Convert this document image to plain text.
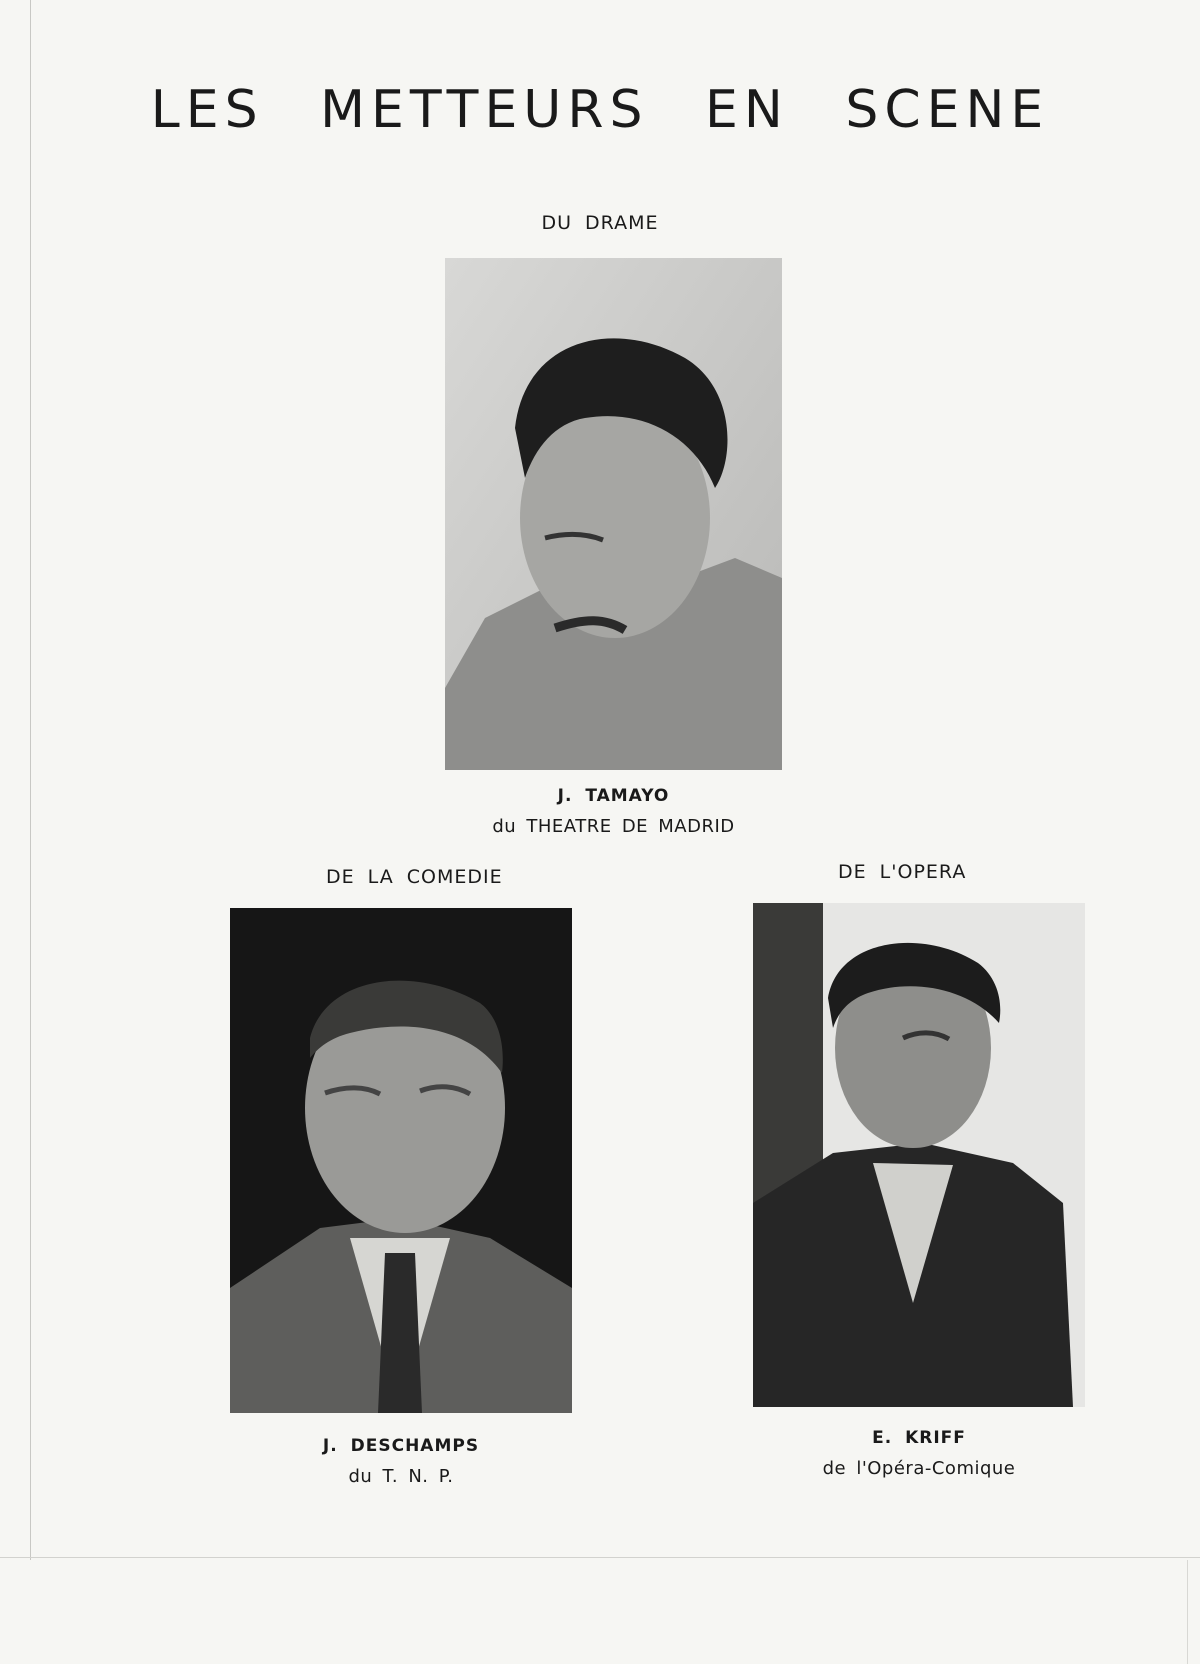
LES METTEURS EN SCENE
DU DRAME
J. TAMAYO
du THEATRE DE MADRID
DE LA COMEDIE	DE L'OPERA
J. DESCHAMPS
du T. N. P.
E. KRIFF
de l'Opéra-Comique
